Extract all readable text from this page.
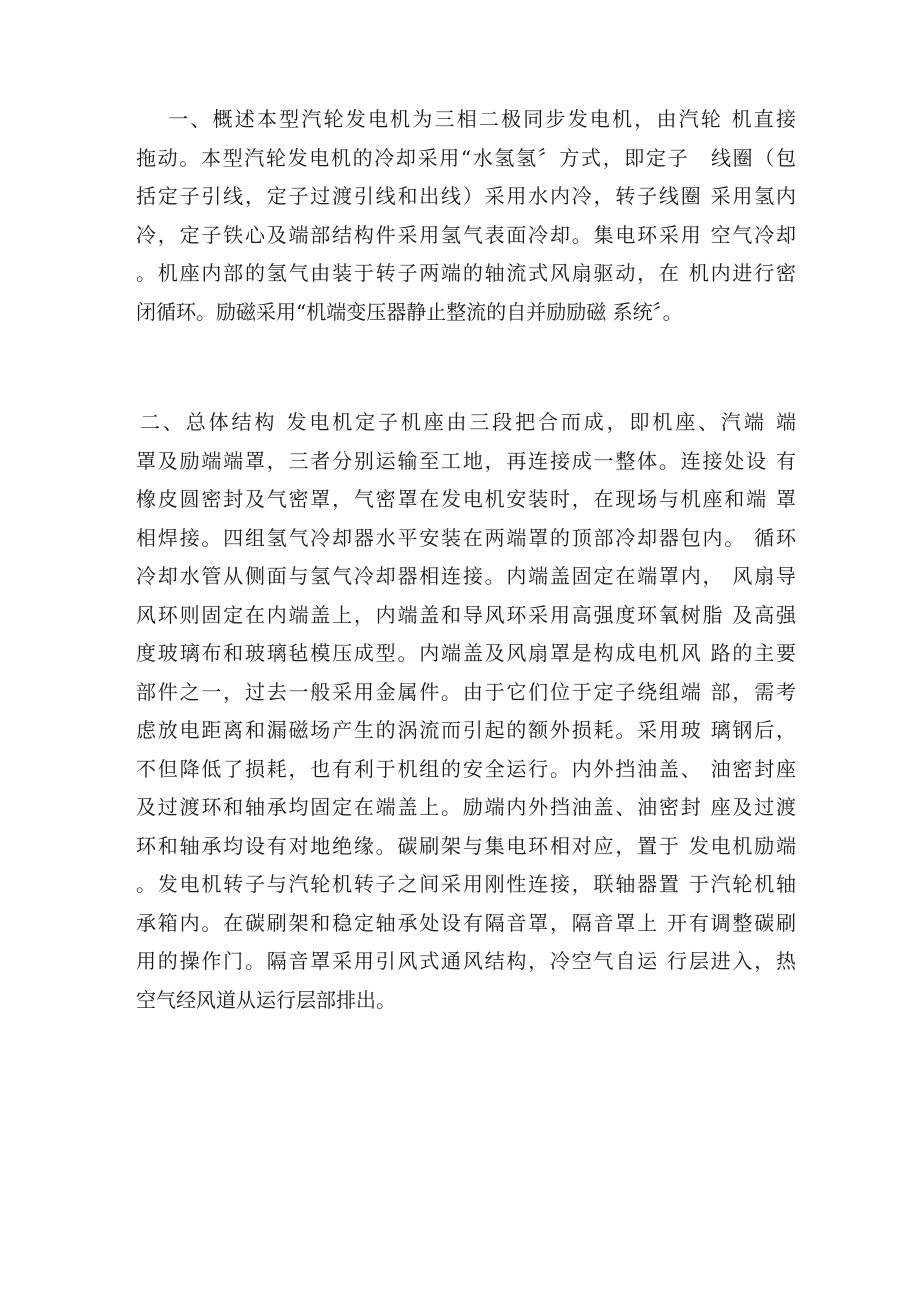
　一、概述本型汽轮发电机为三相二极同步发电机，由汽轮 机直接
拖动。本型汽轮发电机的冷却采用“水氢氢〞方式，即定子　线圈（包
括定子引线，定子过渡引线和出线）采用水内冷，转子线圈 采用氢内
冷，定子铁心及端部结构件采用氢气表面冷却。集电环采用 空气冷却
。机座内部的氢气由装于转子两端的轴流式风扇驱动，在 机内进行密
闭循环。励磁采用“机端变压器静止整流的自并励励磁 系统〞。
二、总体结构 发电机定子机座由三段把合而成，即机座、汽端 端
罩及励端端罩，三者分别运输至工地，再连接成一整体。连接处设 有
橡皮圆密封及气密罩，气密罩在发电机安装时，在现场与机座和端 罩
相焊接。四组氢气冷却器水平安装在两端罩的顶部冷却器包内。 循环
冷却水管从侧面与氢气冷却器相连接。内端盖固定在端罩内， 风扇导
风环则固定在内端盖上，内端盖和导风环采用高强度环氧树脂 及高强
度玻璃布和玻璃毡模压成型。内端盖及风扇罩是构成电机风 路的主要
部件之一，过去一般采用金属件。由于它们位于定子绕组端 部，需考
虑放电距离和漏磁场产生的涡流而引起的额外损耗。采用玻 璃钢后，
不但降低了损耗，也有利于机组的安全运行。内外挡油盖、 油密封座
及过渡环和轴承均固定在端盖上。励端内外挡油盖、油密封 座及过渡
环和轴承均设有对地绝缘。碳刷架与集电环相对应，置于 发电机励端
。发电机转子与汽轮机转子之间采用刚性连接，联轴器置 于汽轮机轴
承箱内。在碳刷架和稳定轴承处设有隔音罩，隔音罩上 开有调整碳刷
用的操作门。隔音罩采用引风式通风结构，冷空气自运 行层进入，热
空气经风道从运行层部排出。
